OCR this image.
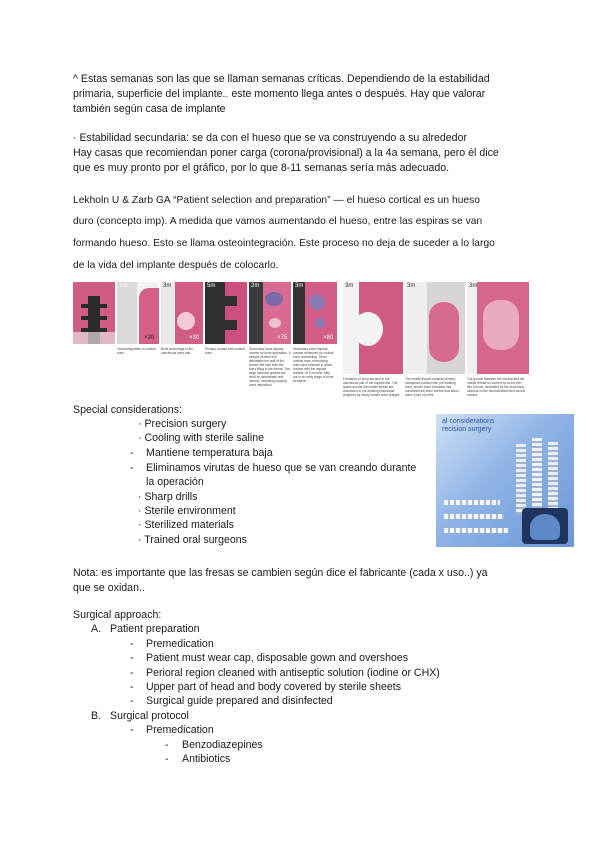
^ Estas semanas son las que se llaman semanas críticas. Dependiendo de la estabilidad
primaria, superficie del implante.. este momento llega antes o después. Hay que valorar
también según casa de implante
· Estabilidad secundaria: se da con el hueso que se va construyendo a su alrededor
Hay casas que recomiendan poner carga (corona/provisional) a la 4a semana, pero él dice
que es muy pronto por el gráfico, por lo que 8-11 semanas sería más adecuado.
Lekholn U & Zarb GA “Patient selection and preparation” — el hueso cortical es un hueso
duro (concepto imp). A medida que vamos aumentando el hueso, entre las espiras se van
formando hueso. Esto se llama osteointegración. Este proceso no deja de suceder a lo largo
de la vida del implante después de colocarlo.
1m
×30
3m
×30
5m	2m
×75
3m
×80
Osseointegration in cortical bone
Bone anchorage in the cancellous bone part
Primary contact with cortical bone
Secondary bone implant contact by bone apposition. A straight cement line delineates the wall of the former drill hole from the bony filling in the thread. Two large osteonal spaces are lined by osteoblasts and osteoid, indicating ongoing bone deposition
Secondary bone implant contact enhanced by cortical bone remodeling. Three cortical bone remodeling units have reached in direct contact with the implant surface. At 5 months, they are in an early stage of bone formation
3m	3m	3m
Formation of bony anchors in the cancellous part of the implant site. The space around the middle thread are connected to pre-existing trabeculae (brighter) by newly formed bone bridges
The middle thread contacts primary, juxtaposed contact with pre-existing bone, woven bone formation has connected the bone anchor that stand bone a part of pores
The groove between the coronal and the middle thread is covered by a new thin film of bone, deposited by the secondary osteons on the demineralized and wound surface
Special considerations:
· Precision surgery
· Cooling with sterile saline
- Mantiene temperatura baja
- Eliminamos virutas de hueso que se van creando durante
la operación
· Sharp drills
· Sterile environment
· Sterilized materials
· Trained oral surgeons
al considerations
recision surgery
Nota: es importante que las fresas se cambien según dice el fabricante (cada x uso..) ya
que se oxidan..
Surgical approach:
A. Patient preparation
- Premedication
- Patient must wear cap, disposable gown and overshoes
- Perioral region cleaned with antiseptic solution (iodine or CHX)
- Upper part of head and body covered by sterile sheets
- Surgical guide prepared and disinfected
B. Surgical protocol
- Premedication
- Benzodiazepines
- Antibiotics
